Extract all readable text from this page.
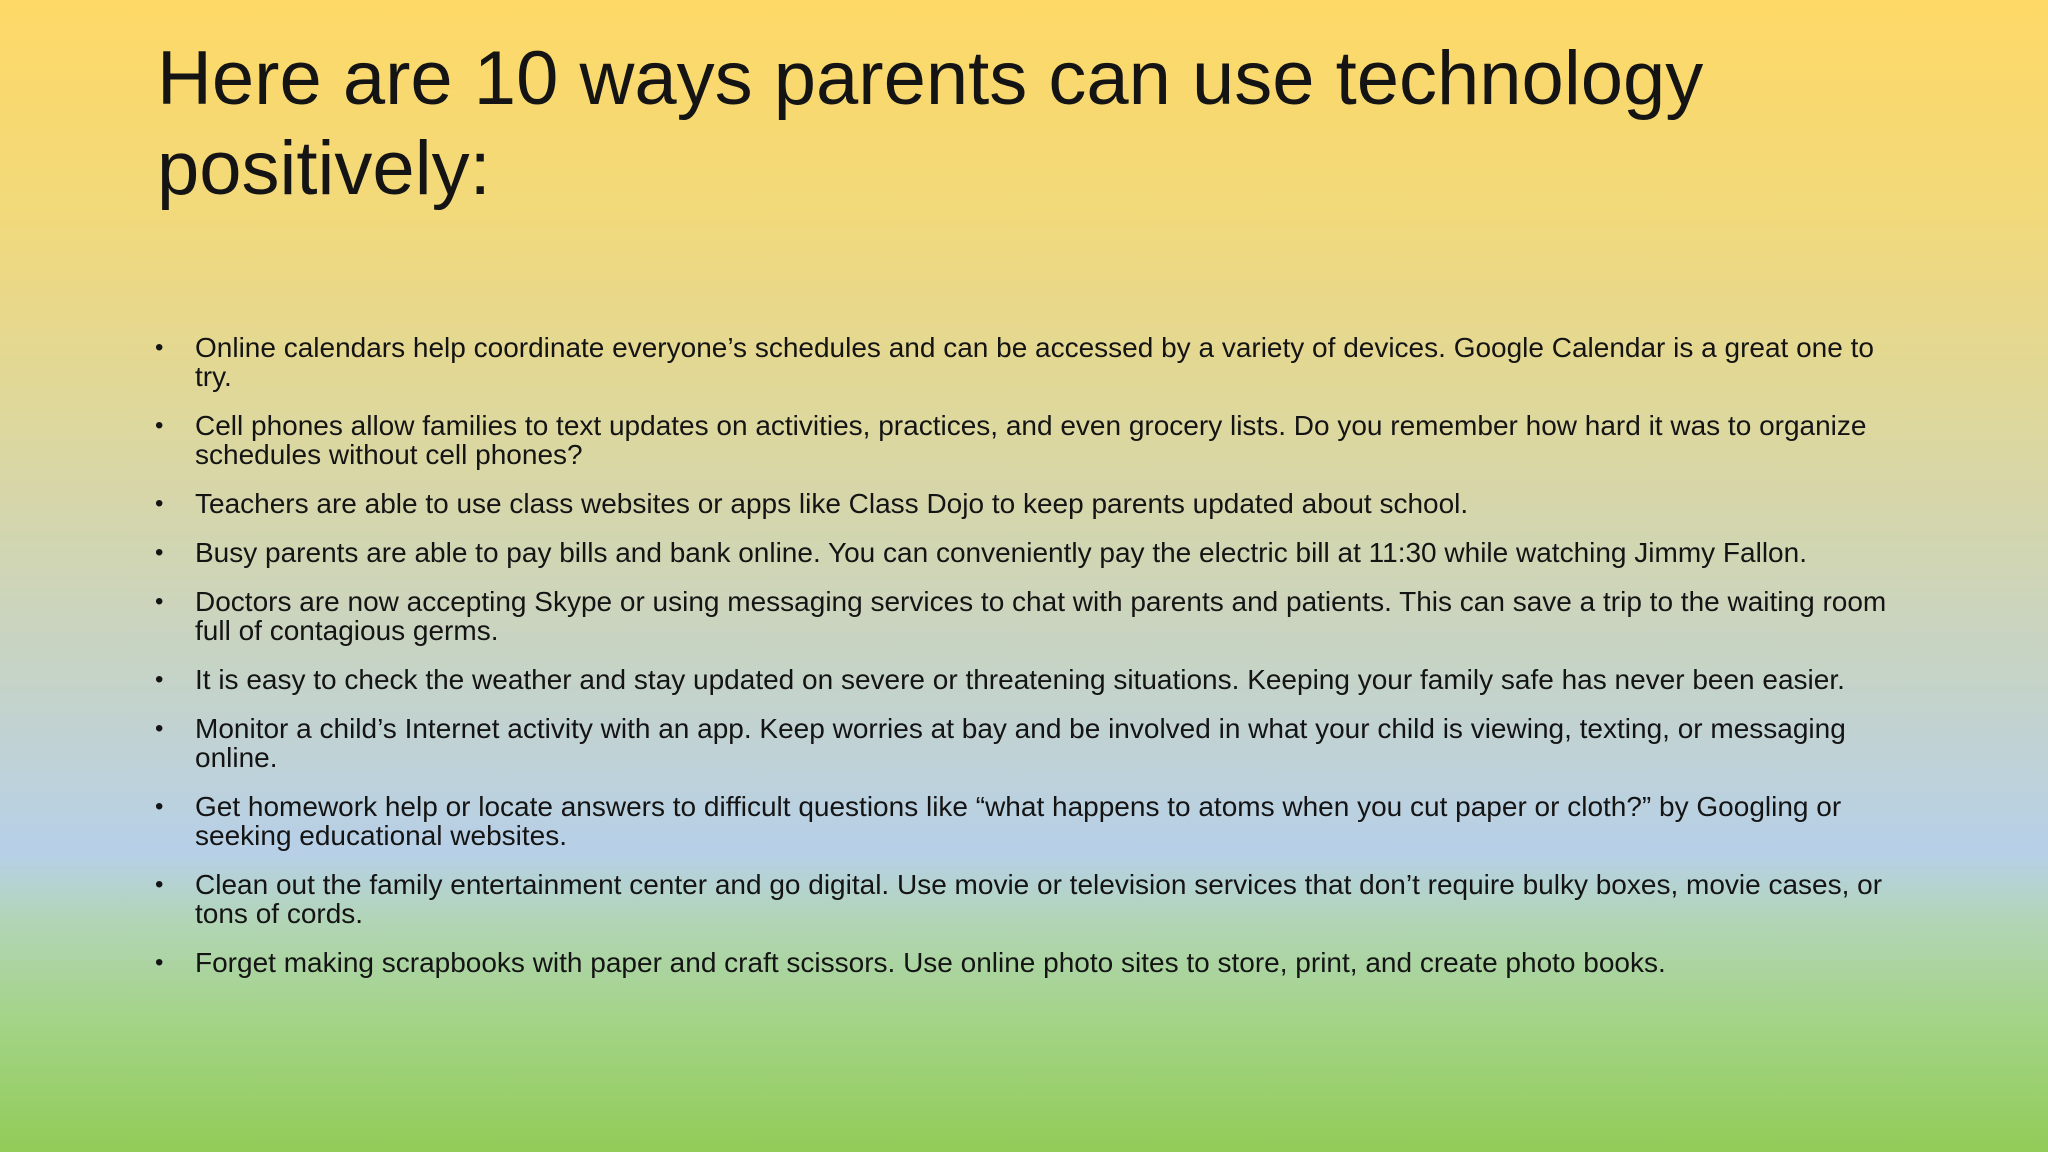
Here are 10 ways parents can use technology positively:
• Online calendars help coordinate everyone’s schedules and can be accessed by a variety of devices. Google Calendar is a great one to try.
• Cell phones allow families to text updates on activities, practices, and even grocery lists. Do you remember how hard it was to organize schedules without cell phones?
• Teachers are able to use class websites or apps like Class Dojo to keep parents updated about school.
• Busy parents are able to pay bills and bank online. You can conveniently pay the electric bill at 11:30 while watching Jimmy Fallon.
• Doctors are now accepting Skype or using messaging services to chat with parents and patients. This can save a trip to the waiting room full of contagious germs.
• It is easy to check the weather and stay updated on severe or threatening situations. Keeping your family safe has never been easier.
• Monitor a child’s Internet activity with an app. Keep worries at bay and be involved in what your child is viewing, texting, or messaging online.
• Get homework help or locate answers to difficult questions like “what happens to atoms when you cut paper or cloth?” by Googling or seeking educational websites.
• Clean out the family entertainment center and go digital. Use movie or television services that don’t require bulky boxes, movie cases, or tons of cords.
• Forget making scrapbooks with paper and craft scissors. Use online photo sites to store, print, and create photo books.
